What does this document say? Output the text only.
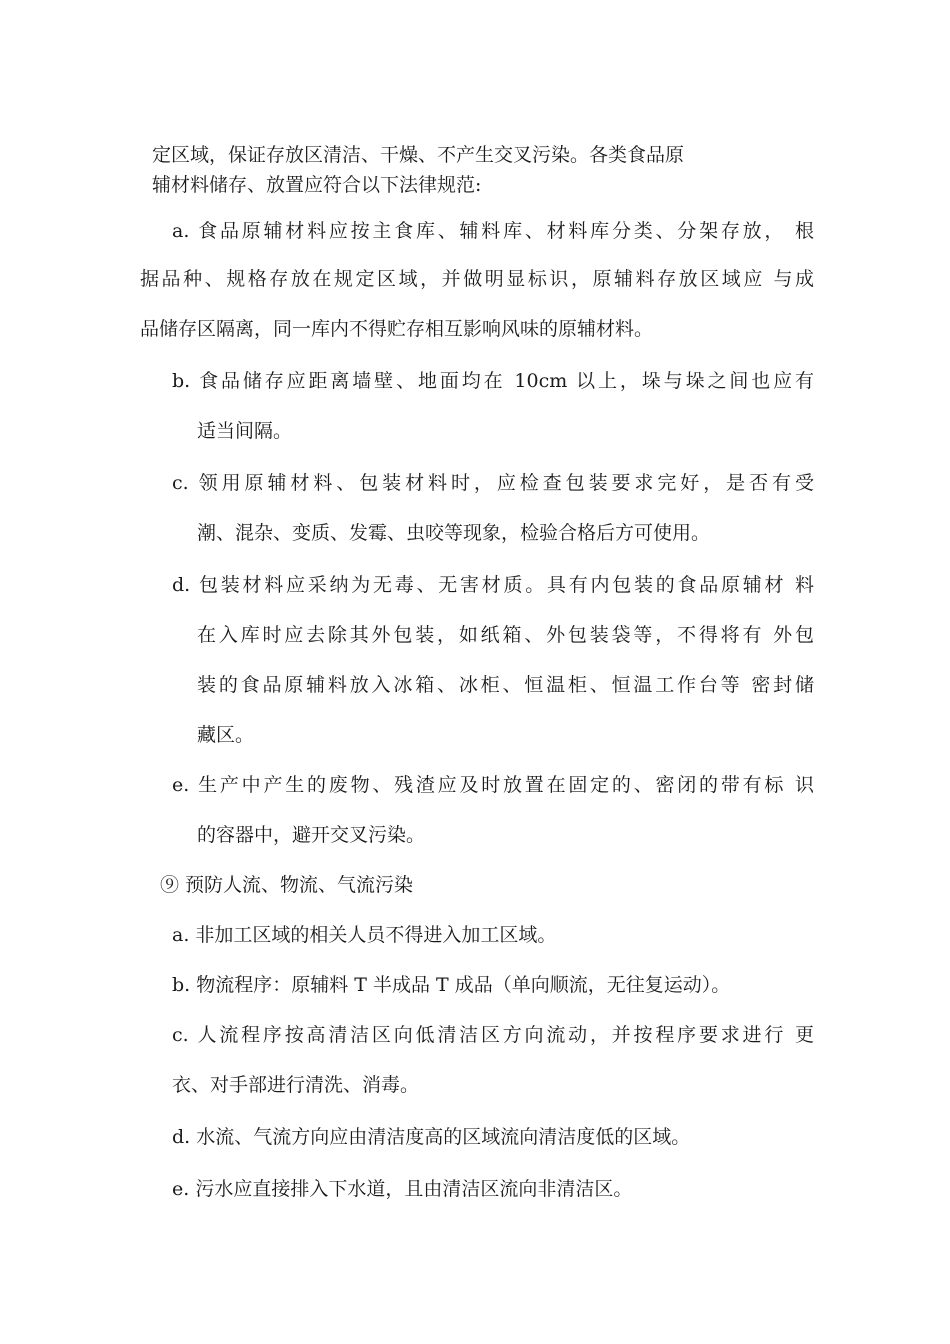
定区域，保证存放区清洁、干燥、不产生交叉污染。各类食品原
辅材料储存、放置应符合以下法律规范:
a. 食品原辅材料应按主食库、辅料库、材料库分类、分架存放， 根
据品种、规格存放在规定区域，并做明显标识，原辅料存放区域应 与成
品储存区隔离，同一库内不得贮存相互影响风味的原辅材料。
b. 食品储存应距离墙壁、地面均在 10cm 以上，垛与垛之间也应有
适当间隔。
c. 领用原辅材料、包装材料时，应检查包装要求完好，是否有受
潮、混杂、变质、发霉、虫咬等现象，检验合格后方可使用。
d. 包装材料应采纳为无毒、无害材质。具有内包装的食品原辅材 料
在入库时应去除其外包装，如纸箱、外包装袋等，不得将有 外包
装的食品原辅料放入冰箱、冰柜、恒温柜、恒温工作台等 密封储
藏区。
e. 生产中产生的废物、残渣应及时放置在固定的、密闭的带有标 识
的容器中，避开交叉污染。
⑨ 预防人流、物流、气流污染
a. 非加工区域的相关人员不得进入加工区域。
b. 物流程序：原辅料 T 半成品 T 成品（单向顺流，无往复运动）。
c. 人流程序按高清洁区向低清洁区方向流动，并按程序要求进行 更
衣、对手部进行清洗、消毒。
d. 水流、气流方向应由清洁度高的区域流向清洁度低的区域。
e. 污水应直接排入下水道，且由清洁区流向非清洁区。
